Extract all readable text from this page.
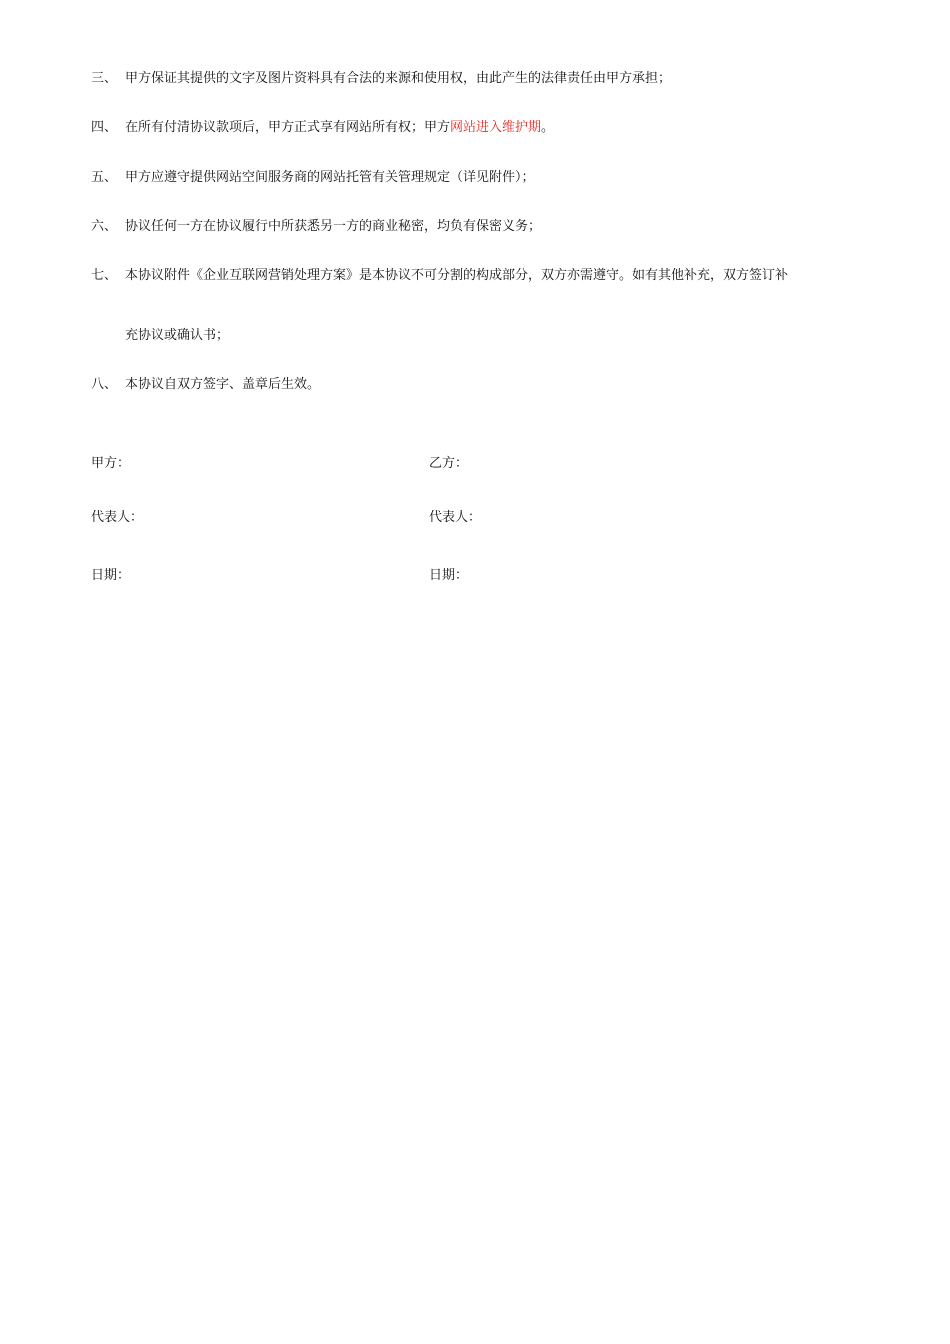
三、 甲方保证其提供的文字及图片资料具有合法的来源和使用权，由此产生的法律责任由甲方承担；
四、 在所有付清协议款项后，甲方正式享有网站所有权；甲方网站进入维护期。
五、 甲方应遵守提供网站空间服务商的网站托管有关管理规定（详见附件）；
六、 协议任何一方在协议履行中所获悉另一方的商业秘密，均负有保密义务；
七、 本协议附件《企业互联网营销处理方案》是本协议不可分割的构成部分，双方亦需遵守。如有其他补充，双方签订补
充协议或确认书；
八、 本协议自双方签字、盖章后生效。
甲方：	乙方：
代表人：	代表人：
日期：	日期：
